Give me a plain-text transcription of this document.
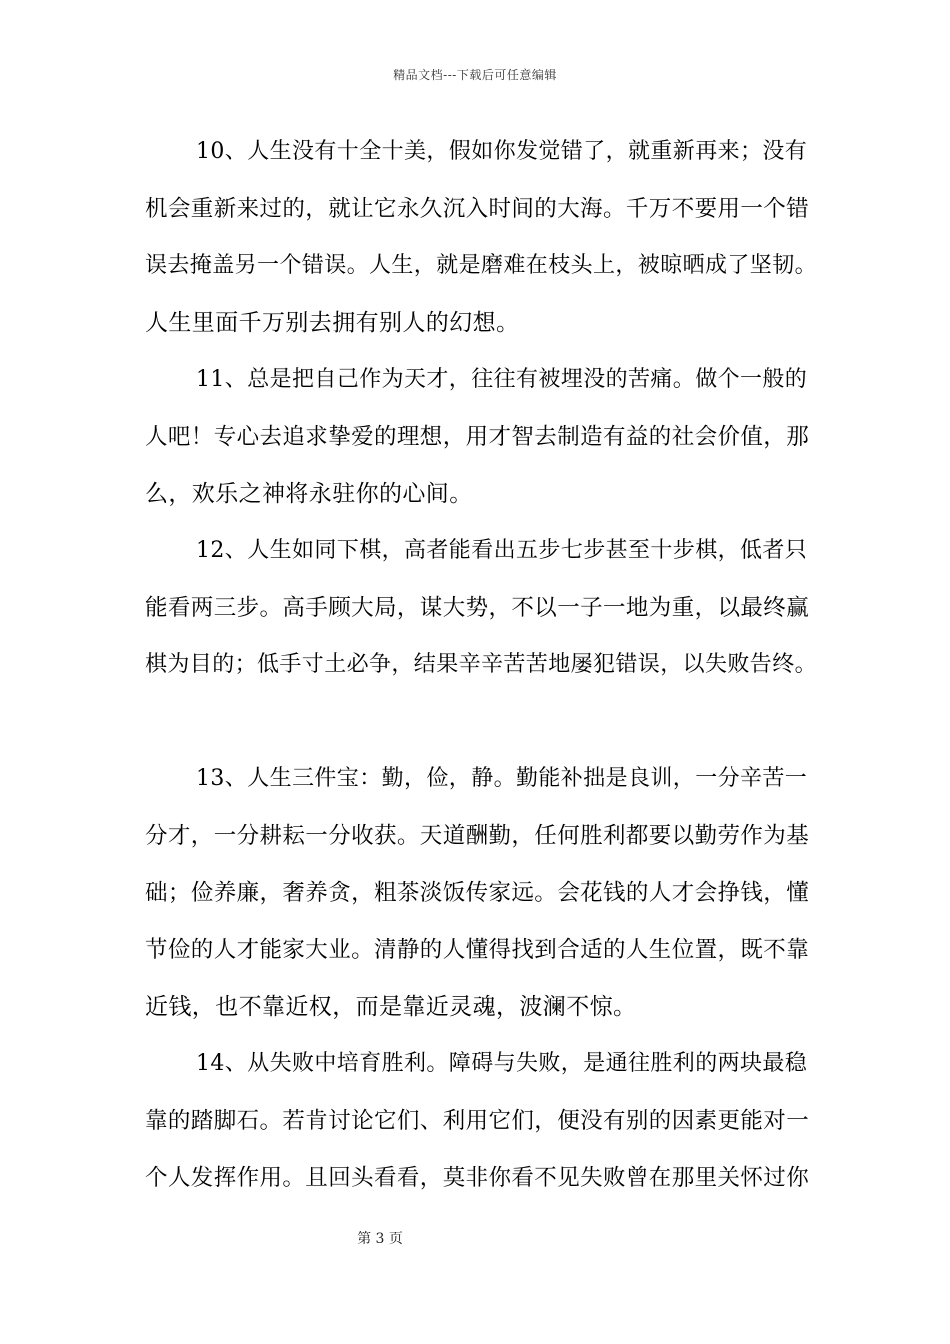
精品文档---下载后可任意编辑
10、人生没有十全十美，假如你发觉错了，就重新再来；没有
机会重新来过的，就让它永久沉入时间的大海。千万不要用一个错
误去掩盖另一个错误。人生，就是磨难在枝头上，被晾晒成了坚韧。
人生里面千万别去拥有别人的幻想。
11、总是把自己作为天才，往往有被埋没的苦痛。做个一般的
人吧！专心去追求挚爱的理想，用才智去制造有益的社会价值，那
么，欢乐之神将永驻你的心间。
12、人生如同下棋，高者能看出五步七步甚至十步棋，低者只
能看两三步。高手顾大局，谋大势，不以一子一地为重，以最终赢
棋为目的；低手寸土必争，结果辛辛苦苦地屡犯错误，以失败告终。
13、人生三件宝：勤，俭，静。勤能补拙是良训，一分辛苦一
分才，一分耕耘一分收获。天道酬勤，任何胜利都要以勤劳作为基
础；俭养廉，奢养贪，粗茶淡饭传家远。会花钱的人才会挣钱，懂
节俭的人才能家大业。清静的人懂得找到合适的人生位置，既不靠
近钱，也不靠近权，而是靠近灵魂，波澜不惊。
14、从失败中培育胜利。障碍与失败，是通往胜利的两块最稳
靠的踏脚石。若肯讨论它们、利用它们，便没有别的因素更能对一
个人发挥作用。且回头看看，莫非你看不见失败曾在那里关怀过你
第 3 页
